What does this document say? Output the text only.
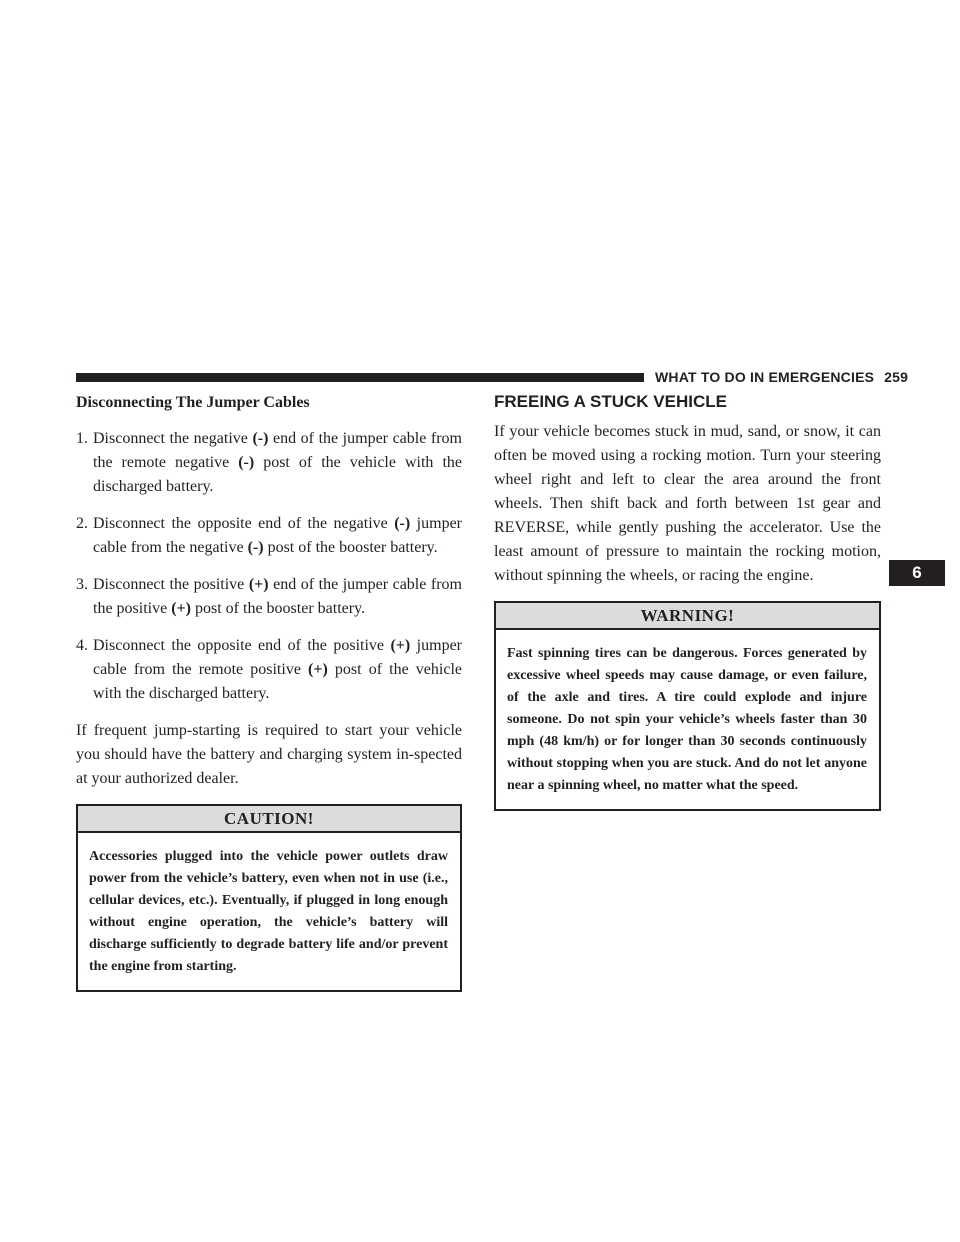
WHAT TO DO IN EMERGENCIES 259
6
Disconnecting The Jumper Cables
1. Disconnect the negative (-) end of the jumper cable from the remote negative (-) post of the vehicle with the discharged battery.
2. Disconnect the opposite end of the negative (-) jumper cable from the negative (-) post of the booster battery.
3. Disconnect the positive (+) end of the jumper cable from the positive (+) post of the booster battery.
4. Disconnect the opposite end of the positive (+) jumper cable from the remote positive (+) post of the vehicle with the discharged battery.

If frequent jump-starting is required to start your vehicle you should have the battery and charging system in-spected at your authorized dealer.

CAUTION!
Accessories plugged into the vehicle power outlets draw power from the vehicle’s battery, even when not in use (i.e., cellular devices, etc.). Eventually, if plugged in long enough without engine operation, the vehicle’s battery will discharge sufficiently to degrade battery life and/or prevent the engine from starting.
FREEING A STUCK VEHICLE

If your vehicle becomes stuck in mud, sand, or snow, it can often be moved using a rocking motion. Turn your steering wheel right and left to clear the area around the front wheels. Then shift back and forth between 1st gear and REVERSE, while gently pushing the accelerator. Use the least amount of pressure to maintain the rocking motion, without spinning the wheels, or racing the engine.

WARNING!
Fast spinning tires can be dangerous. Forces generated by excessive wheel speeds may cause damage, or even failure, of the axle and tires. A tire could explode and injure someone. Do not spin your vehicle’s wheels faster than 30 mph (48 km/h) or for longer than 30 seconds continuously without stopping when you are stuck. And do not let anyone near a spinning wheel, no matter what the speed.
